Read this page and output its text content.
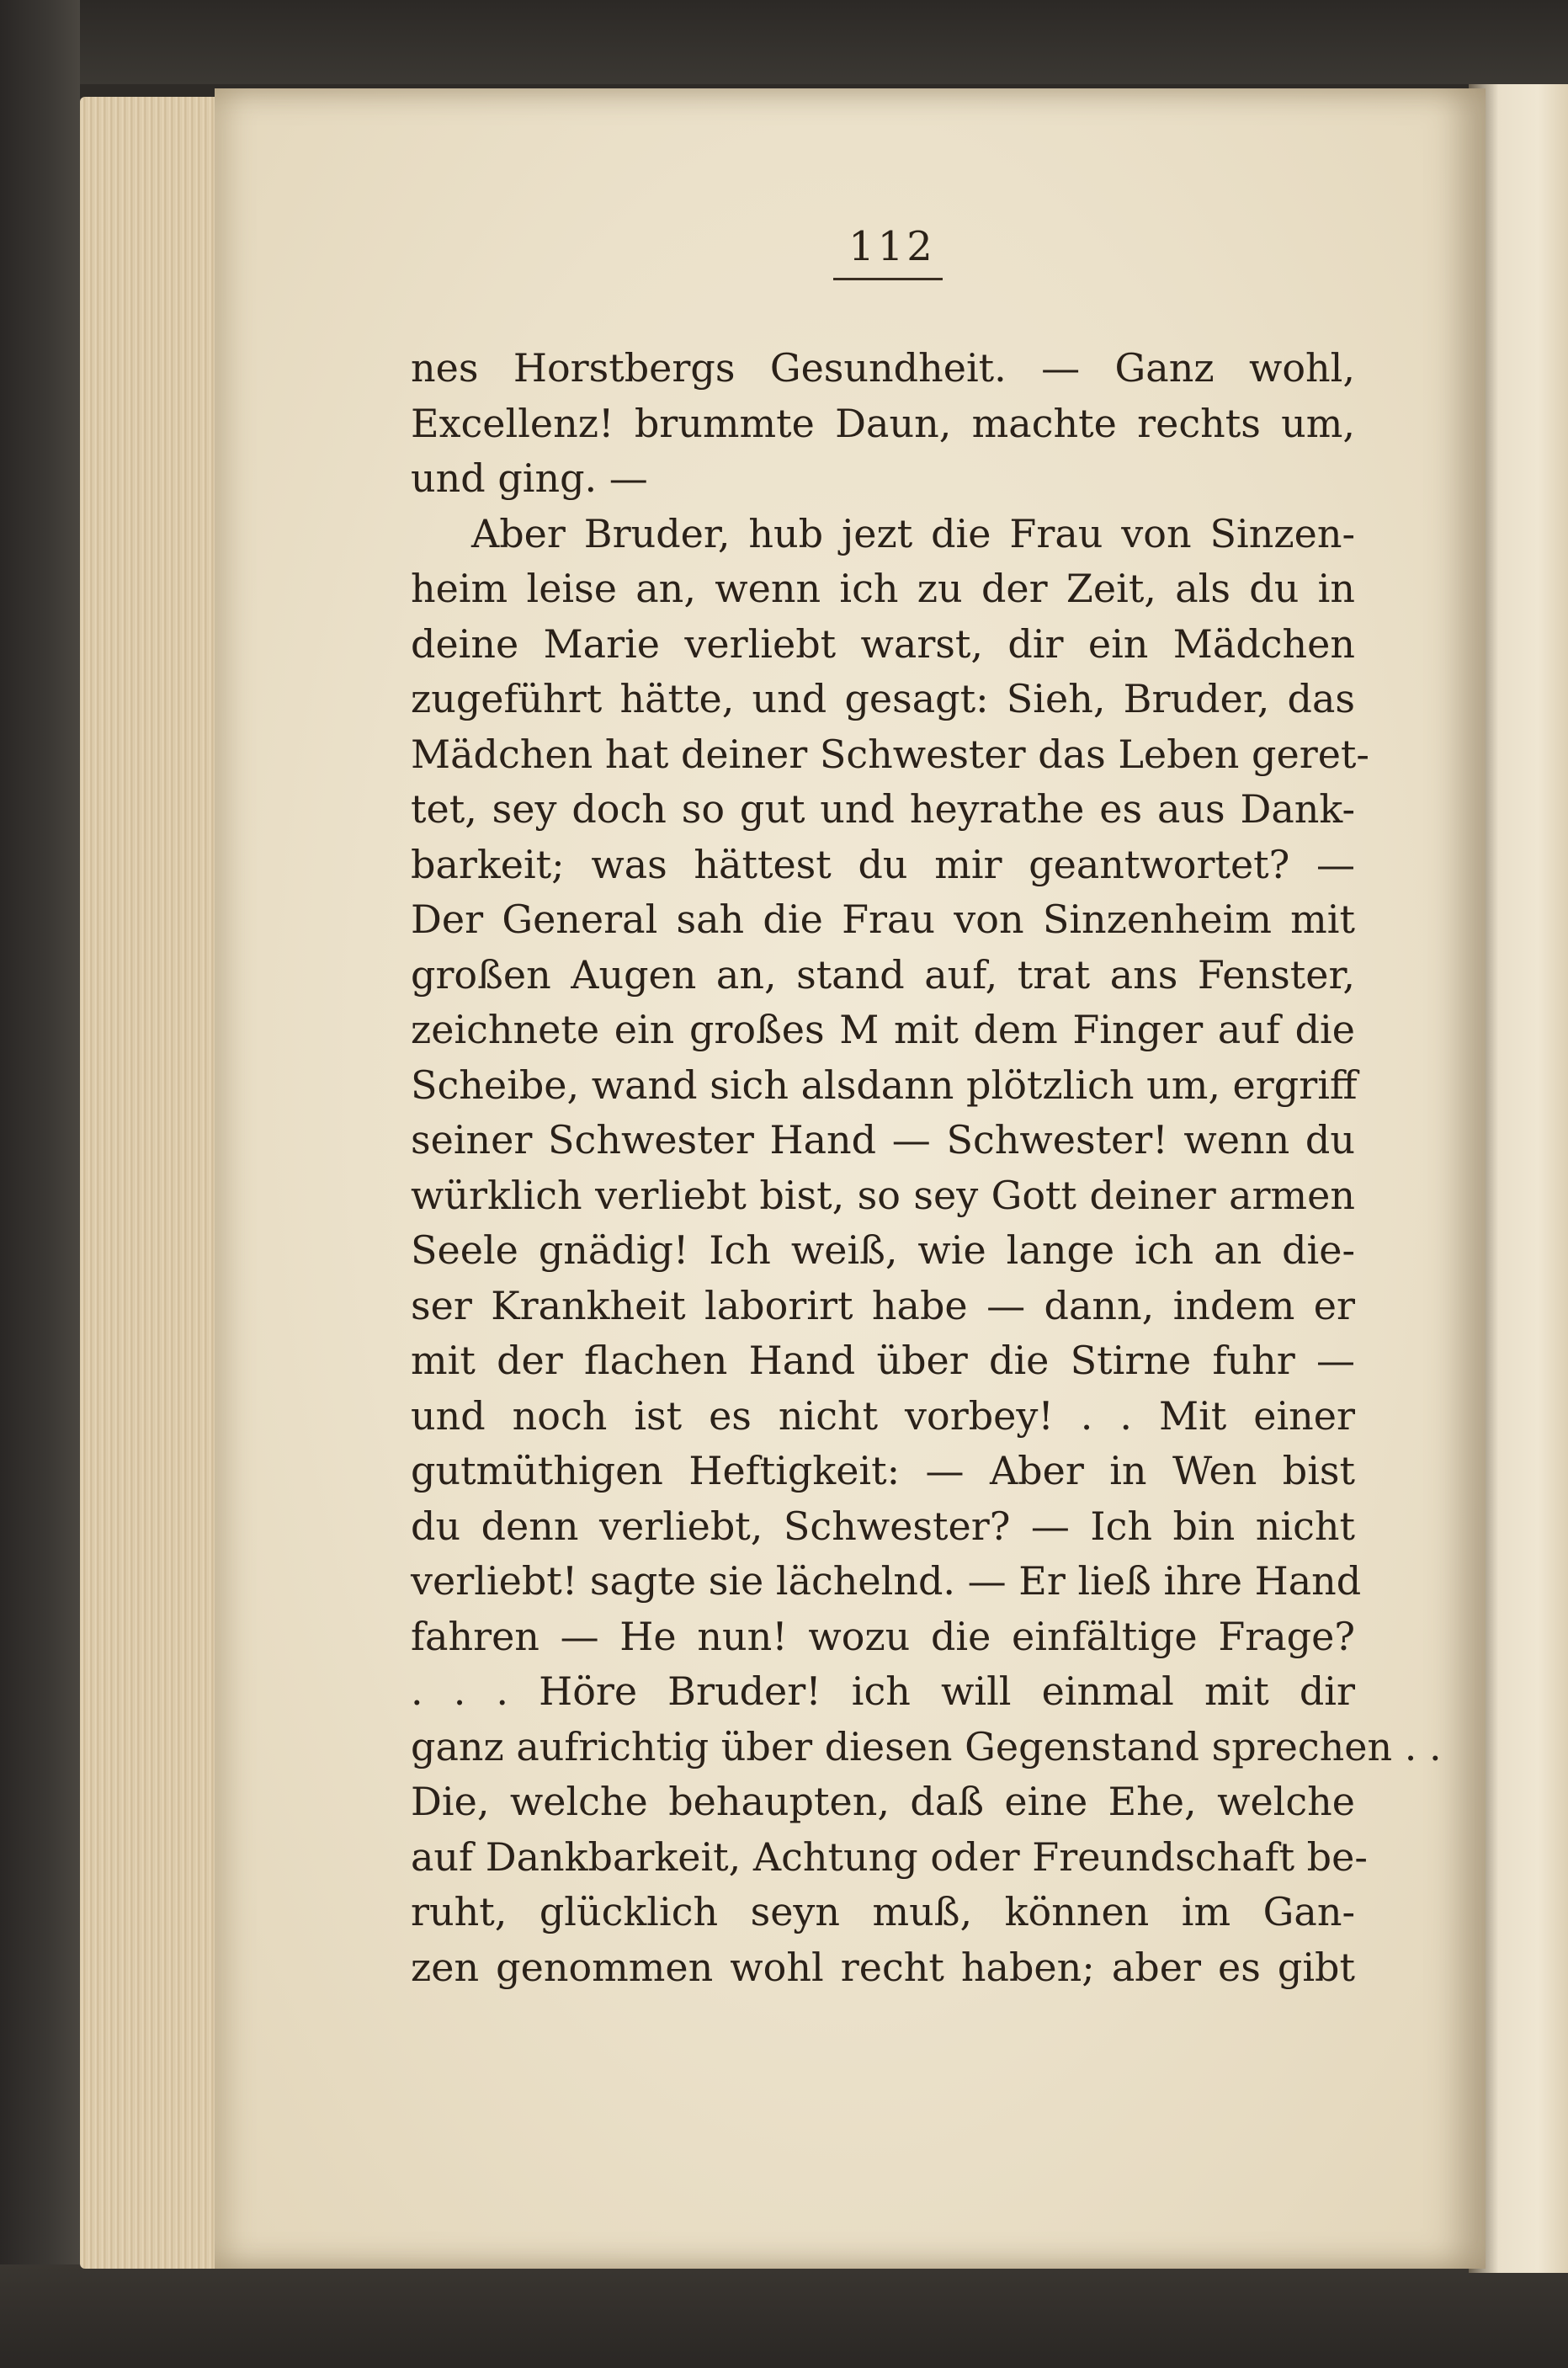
112
nes Horstbergs Gesundheit. — Ganz wohl,
Excellenz! brummte Daun, machte rechts um,
und ging. —
Aber Bruder, hub jezt die Frau von Sinzen-
heim leise an, wenn ich zu der Zeit, als du in
deine Marie verliebt warst, dir ein Mädchen
zugeführt hätte, und gesagt: Sieh, Bruder, das
Mädchen hat deiner Schwester das Leben geret-
tet, sey doch so gut und heyrathe es aus Dank-
barkeit; was hättest du mir geantwortet? —
Der General sah die Frau von Sinzenheim mit
großen Augen an, stand auf, trat ans Fenster,
zeichnete ein großes M mit dem Finger auf die
Scheibe, wand sich alsdann plötzlich um, ergriff
seiner Schwester Hand — Schwester! wenn du
würklich verliebt bist, so sey Gott deiner armen
Seele gnädig! Ich weiß, wie lange ich an die-
ser Krankheit laborirt habe — dann, indem er
mit der flachen Hand über die Stirne fuhr —
und noch ist es nicht vorbey! . . Mit einer
gutmüthigen Heftigkeit: — Aber in Wen bist
du denn verliebt, Schwester? — Ich bin nicht
verliebt! sagte sie lächelnd. — Er ließ ihre Hand
fahren — He nun! wozu die einfältige Frage?
. . . Höre Bruder! ich will einmal mit dir
ganz aufrichtig über diesen Gegenstand sprechen . .
Die, welche behaupten, daß eine Ehe, welche
auf Dankbarkeit, Achtung oder Freundschaft be-
ruht, glücklich seyn muß, können im Gan-
zen genommen wohl recht haben; aber es gibt
